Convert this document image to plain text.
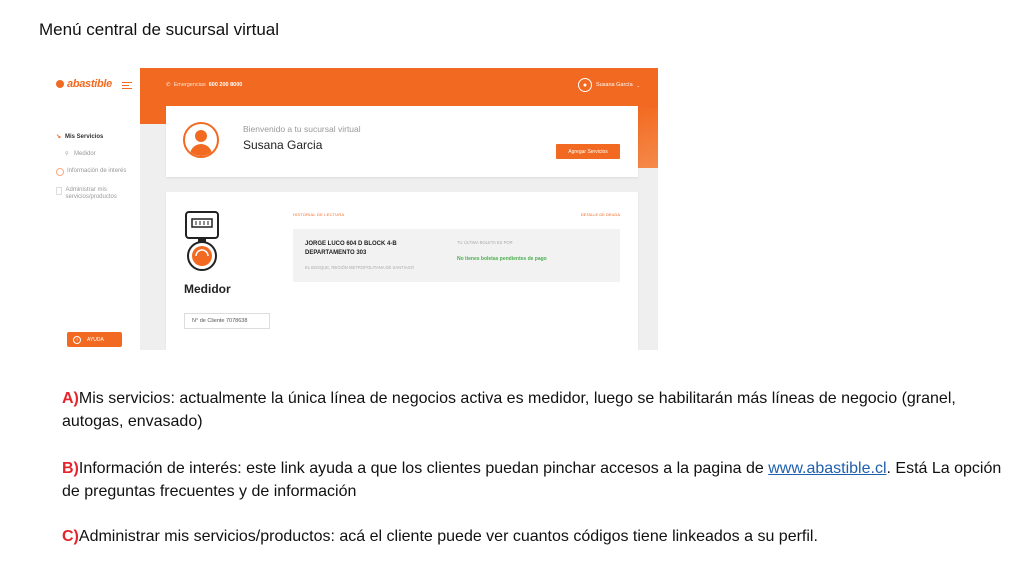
Menú central de sucursal virtual
abastible
↘ Mis Servicios
⚲ Medidor
Información de interés
Administrar mis servicios/productos
?	AYUDA
✆ Emergencias 600 200 8000	●	Susana García ⌄
Bienvenido a tu sucursal virtual
Susana Garcia	Agregar Servicios
Medidor
N° de Cliente 7078638
HISTORIAL DE LECTURA	DETALLE DE DEUDA
JORGE LUCO 604 D BLOCK 4-B
DEPARTAMENTO 303
EL BOSQUE, REGIÓN METROPOLITANA DE SANTIAGO
TU ÚLTIMA BOLETA ES POR
No tienes boletas pendientes de pago
A)Mis servicios: actualmente la única línea de negocios activa es medidor, luego se habilitarán más líneas de negocio (granel, autogas, envasado)
B)Información de interés: este link ayuda a que los clientes puedan pinchar accesos a la pagina de www.abastible.cl. Está La opción de preguntas frecuentes y de información
C)Administrar mis servicios/productos: acá el cliente puede ver cuantos códigos tiene linkeados a su perfil.
